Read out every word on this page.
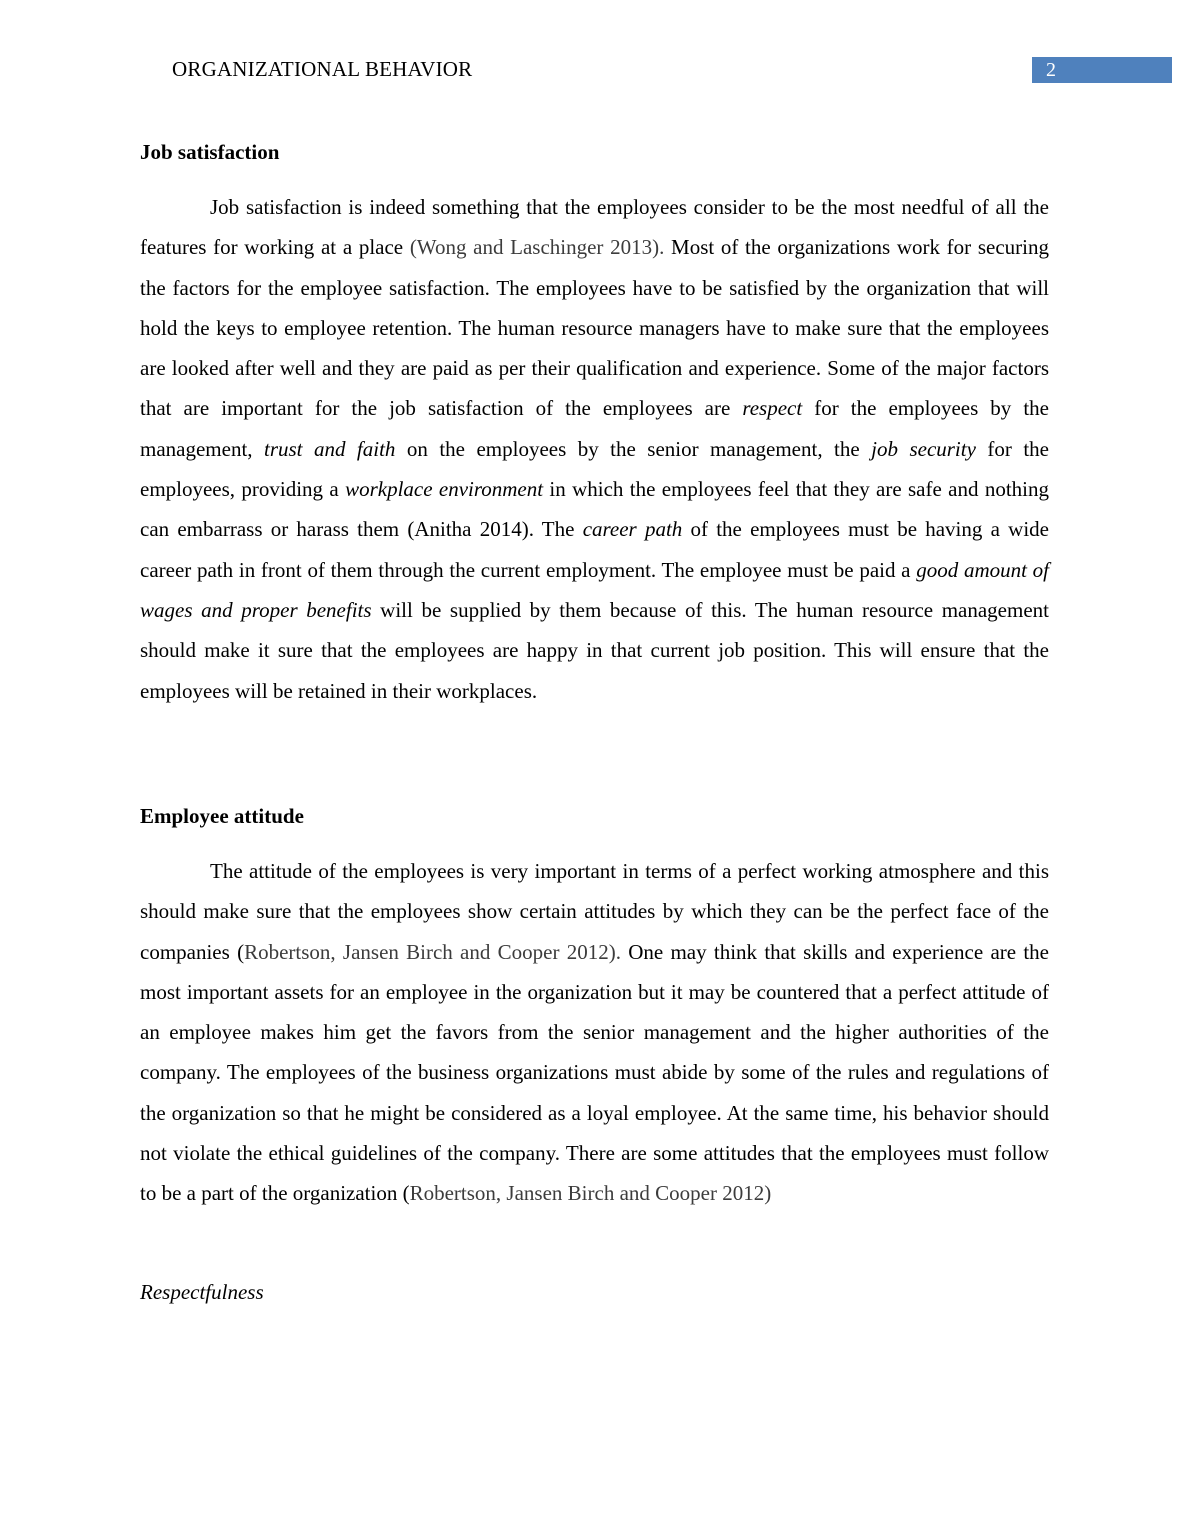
ORGANIZATIONAL BEHAVIOR	2
Job satisfaction
Job satisfaction is indeed something that the employees consider to be the most needful of all the features for working at a place (Wong and Laschinger 2013). Most of the organizations work for securing the factors for the employee satisfaction. The employees have to be satisfied by the organization that will hold the keys to employee retention. The human resource managers have to make sure that the employees are looked after well and they are paid as per their qualification and experience. Some of the major factors that are important for the job satisfaction of the employees are respect for the employees by the management, trust and faith on the employees by the senior management, the job security for the employees, providing a workplace environment in which the employees feel that they are safe and nothing can embarrass or harass them (Anitha 2014). The career path of the employees must be having a wide career path in front of them through the current employment. The employee must be paid a good amount of wages and proper benefits will be supplied by them because of this. The human resource management should make it sure that the employees are happy in that current job position. This will ensure that the employees will be retained in their workplaces.
Employee attitude
The attitude of the employees is very important in terms of a perfect working atmosphere and this should make sure that the employees show certain attitudes by which they can be the perfect face of the companies (Robertson, Jansen Birch and Cooper 2012). One may think that skills and experience are the most important assets for an employee in the organization but it may be countered that a perfect attitude of an employee makes him get the favors from the senior management and the higher authorities of the company. The employees of the business organizations must abide by some of the rules and regulations of the organization so that he might be considered as a loyal employee. At the same time, his behavior should not violate the ethical guidelines of the company. There are some attitudes that the employees must follow to be a part of the organization (Robertson, Jansen Birch and Cooper 2012)
Respectfulness
